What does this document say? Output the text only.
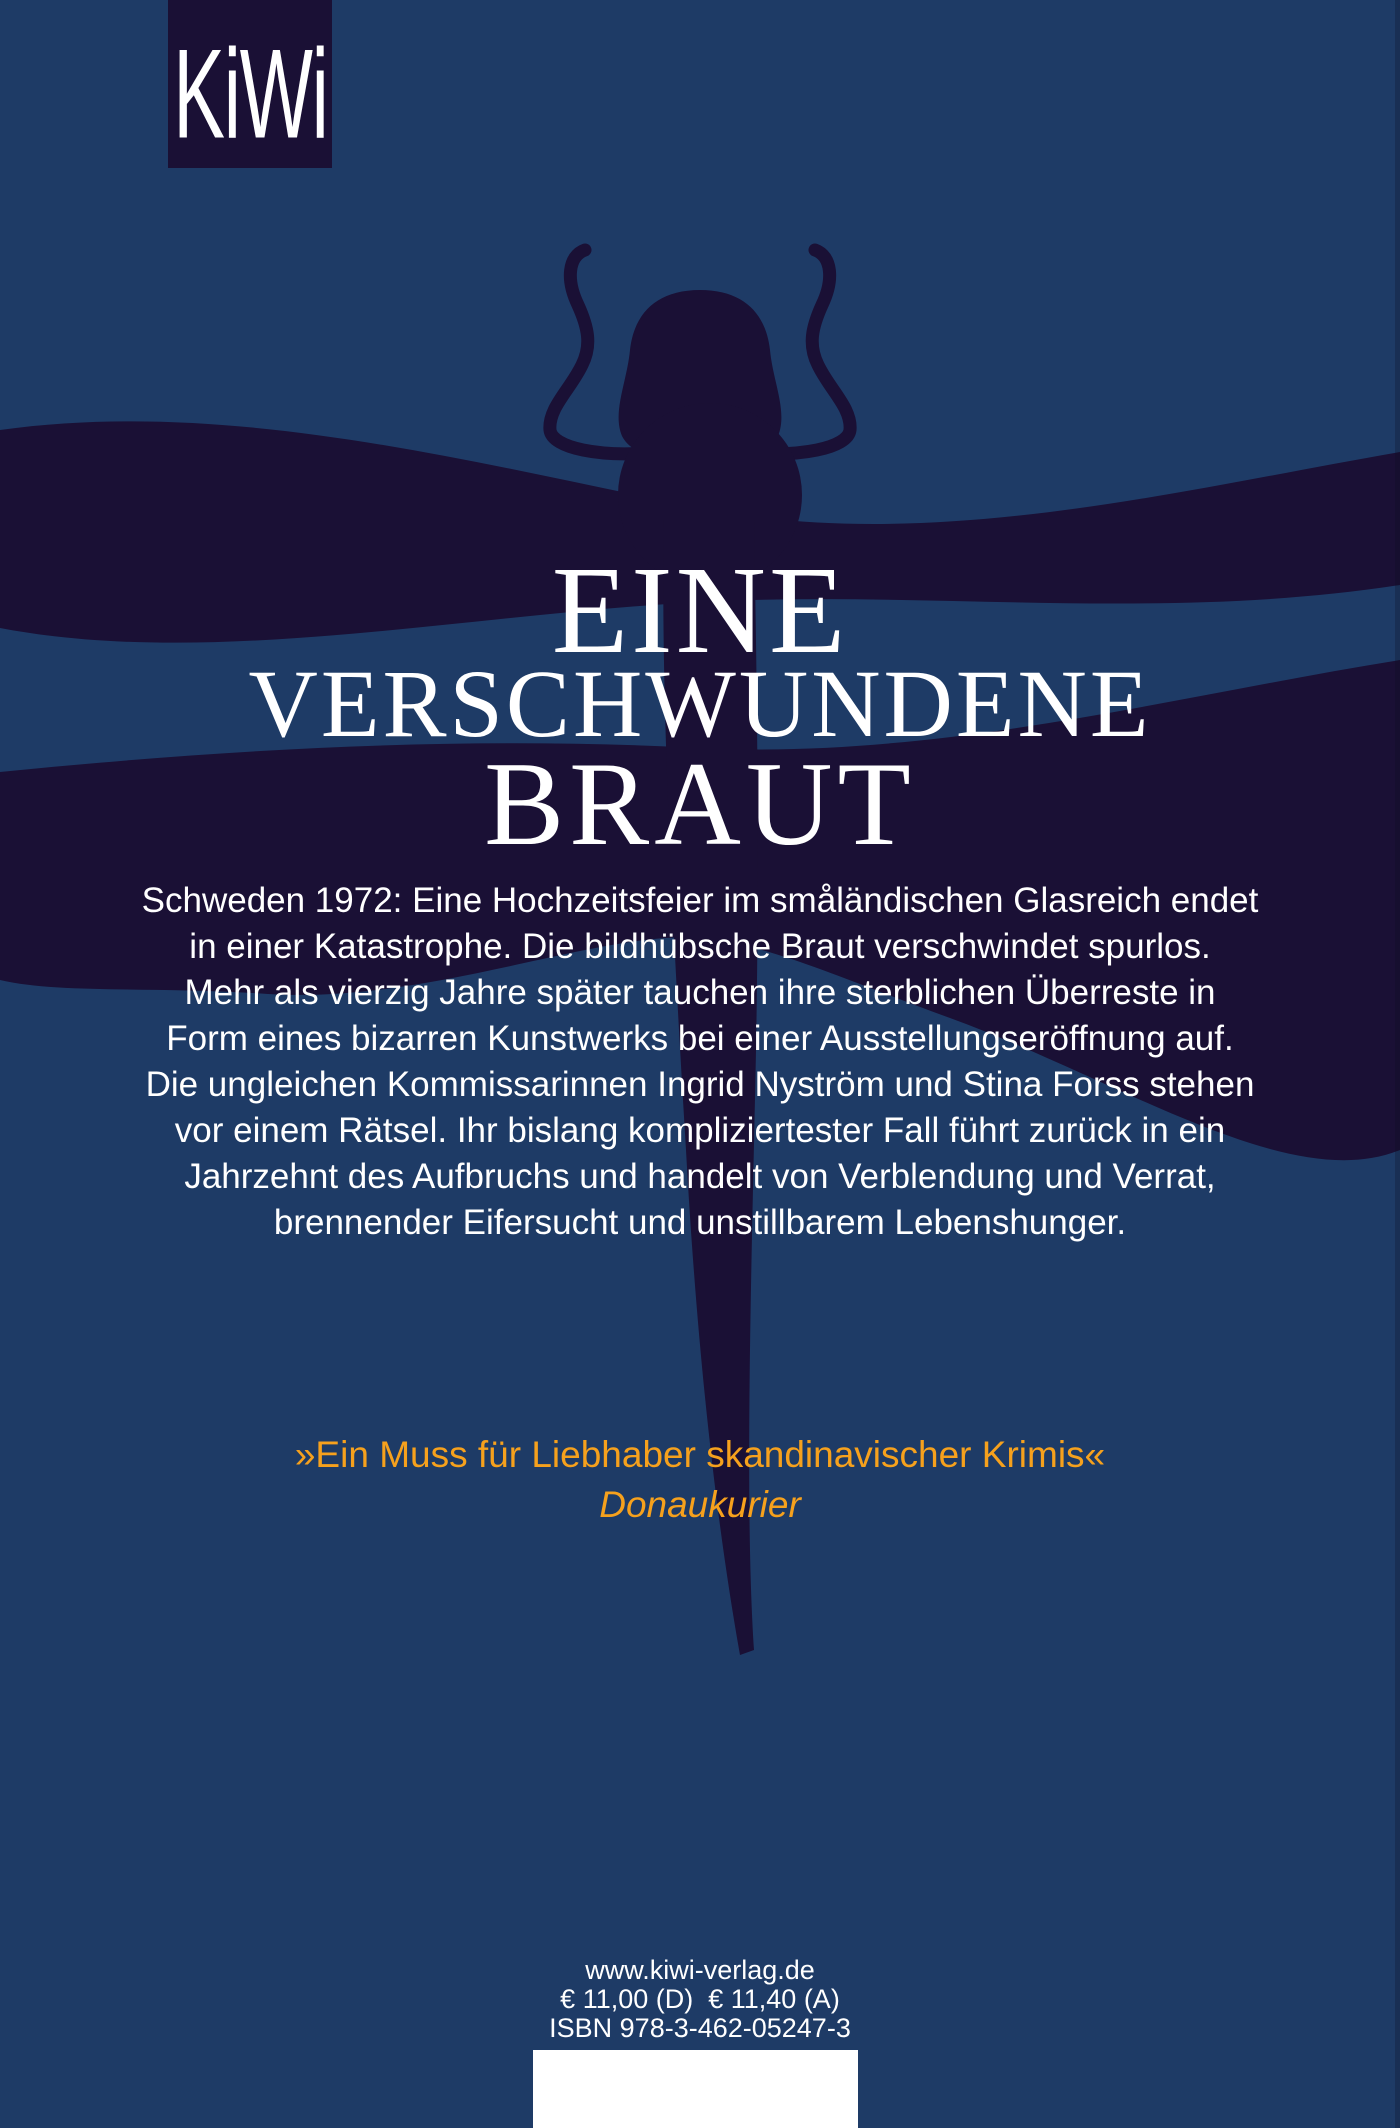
KiWi
EINE
VERSCHWUNDENE
BRAUT
Schweden 1972: Eine Hochzeitsfeier im småländischen Glasreich endet
in einer Katastrophe. Die bildhübsche Braut verschwindet spurlos.
Mehr als vierzig Jahre später tauchen ihre sterblichen Überreste in
Form eines bizarren Kunstwerks bei einer Ausstellungseröffnung auf.
Die ungleichen Kommissarinnen Ingrid Nyström und Stina Forss stehen
vor einem Rätsel. Ihr bislang kompliziertester Fall führt zurück in ein
Jahrzehnt des Aufbruchs und handelt von Verblendung und Verrat,
brennender Eifersucht und unstillbarem Lebenshunger.
»Ein Muss für Liebhaber skandinavischer Krimis«
Donaukurier
www.kiwi-verlag.de
€ 11,00 (D)  € 11,40 (A)
ISBN 978-3-462-05247-3
